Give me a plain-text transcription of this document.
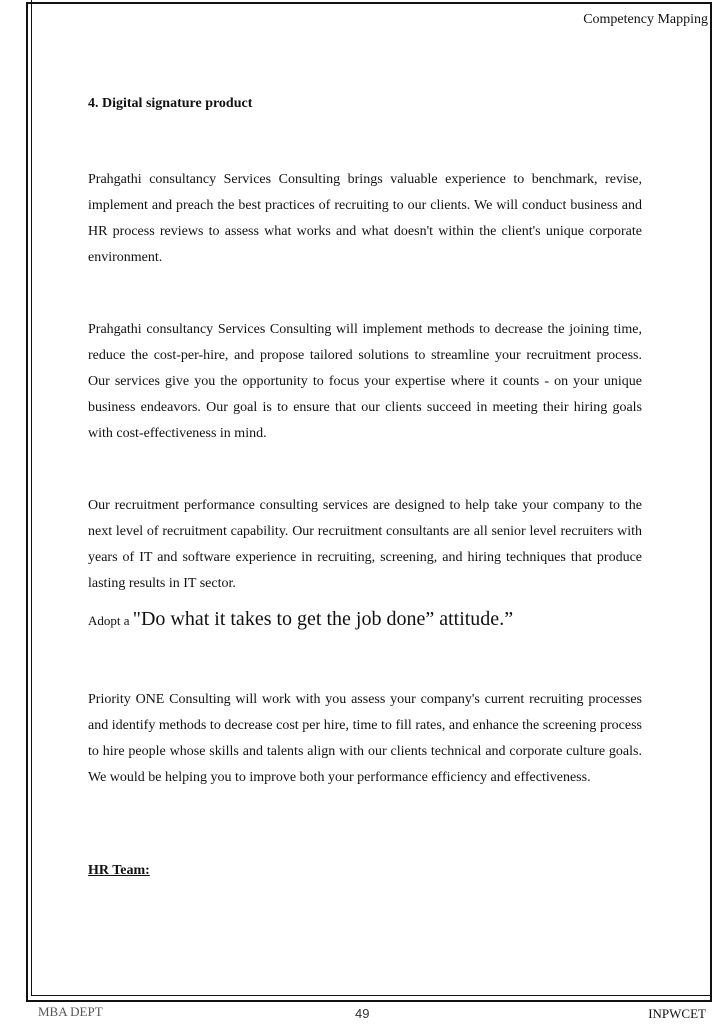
Competency Mapping
4. Digital signature product

Prahgathi consultancy Services Consulting brings valuable experience to benchmark, revise, implement and preach the best practices of recruiting to our clients. We will conduct business and HR process reviews to assess what works and what doesn't within the client's unique corporate environment.

Prahgathi consultancy Services Consulting will implement methods to decrease the joining time, reduce the cost-per-hire, and propose tailored solutions to streamline your recruitment process. Our services give you the opportunity to focus your expertise where it counts - on your unique business endeavors. Our goal is to ensure that our clients succeed in meeting their hiring goals with cost-effectiveness in mind.

Our recruitment performance consulting services are designed to help take your company to the next level of recruitment capability. Our recruitment consultants are all senior level recruiters with years of IT and software experience in recruiting, screening, and hiring techniques that produce lasting results in IT sector.

Adopt a "Do what it takes to get the job done” attitude.”

Priority ONE Consulting will work with you assess your company's current recruiting processes and identify methods to decrease cost per hire, time to fill rates, and enhance the screening process to hire people whose skills and talents align with our clients technical and corporate culture goals. We would be helping you to improve both your performance efficiency and effectiveness.

HR Team:
MBA DEPT	49	INPWCET
